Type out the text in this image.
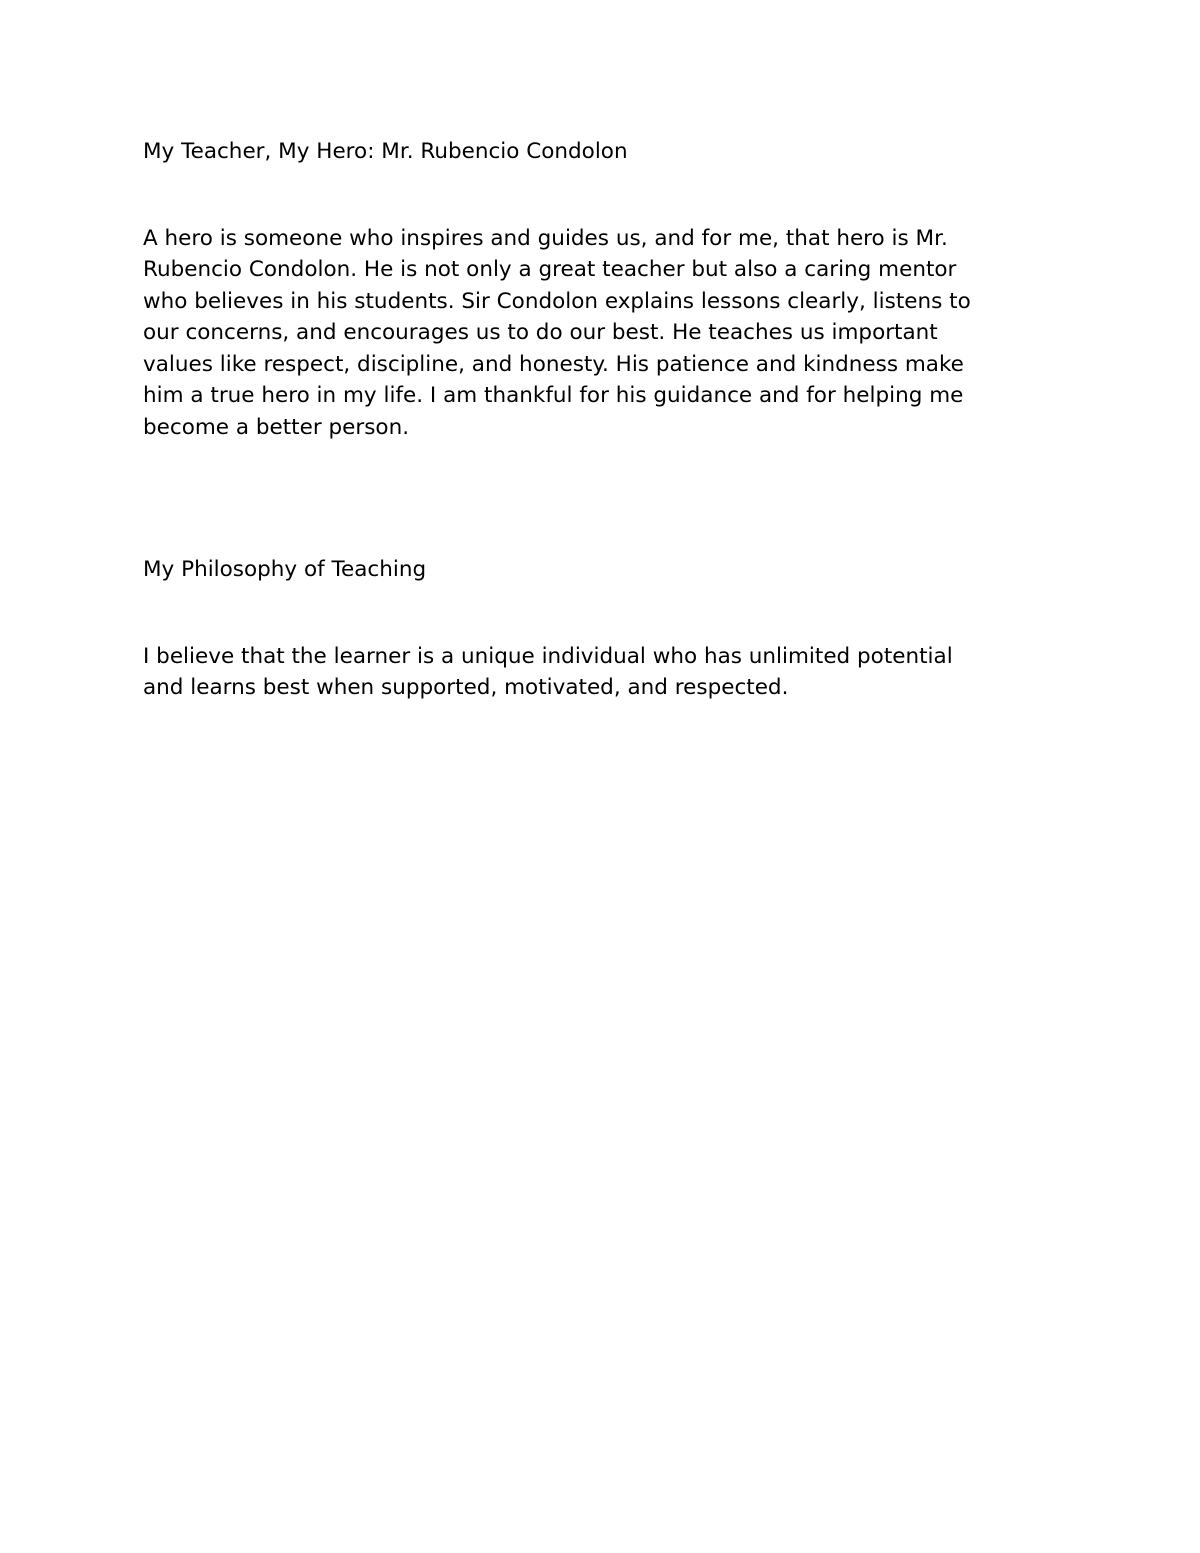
My Teacher, My Hero: Mr. Rubencio Condolon

A hero is someone who inspires and guides us, and for me, that hero is Mr.
Rubencio Condolon. He is not only a great teacher but also a caring mentor
who believes in his students. Sir Condolon explains lessons clearly, listens to
our concerns, and encourages us to do our best. He teaches us important
values like respect, discipline, and honesty. His patience and kindness make
him a true hero in my life. I am thankful for his guidance and for helping me
become a better person.

My Philosophy of Teaching

I believe that the learner is a unique individual who has unlimited potential
and learns best when supported, motivated, and respected.
